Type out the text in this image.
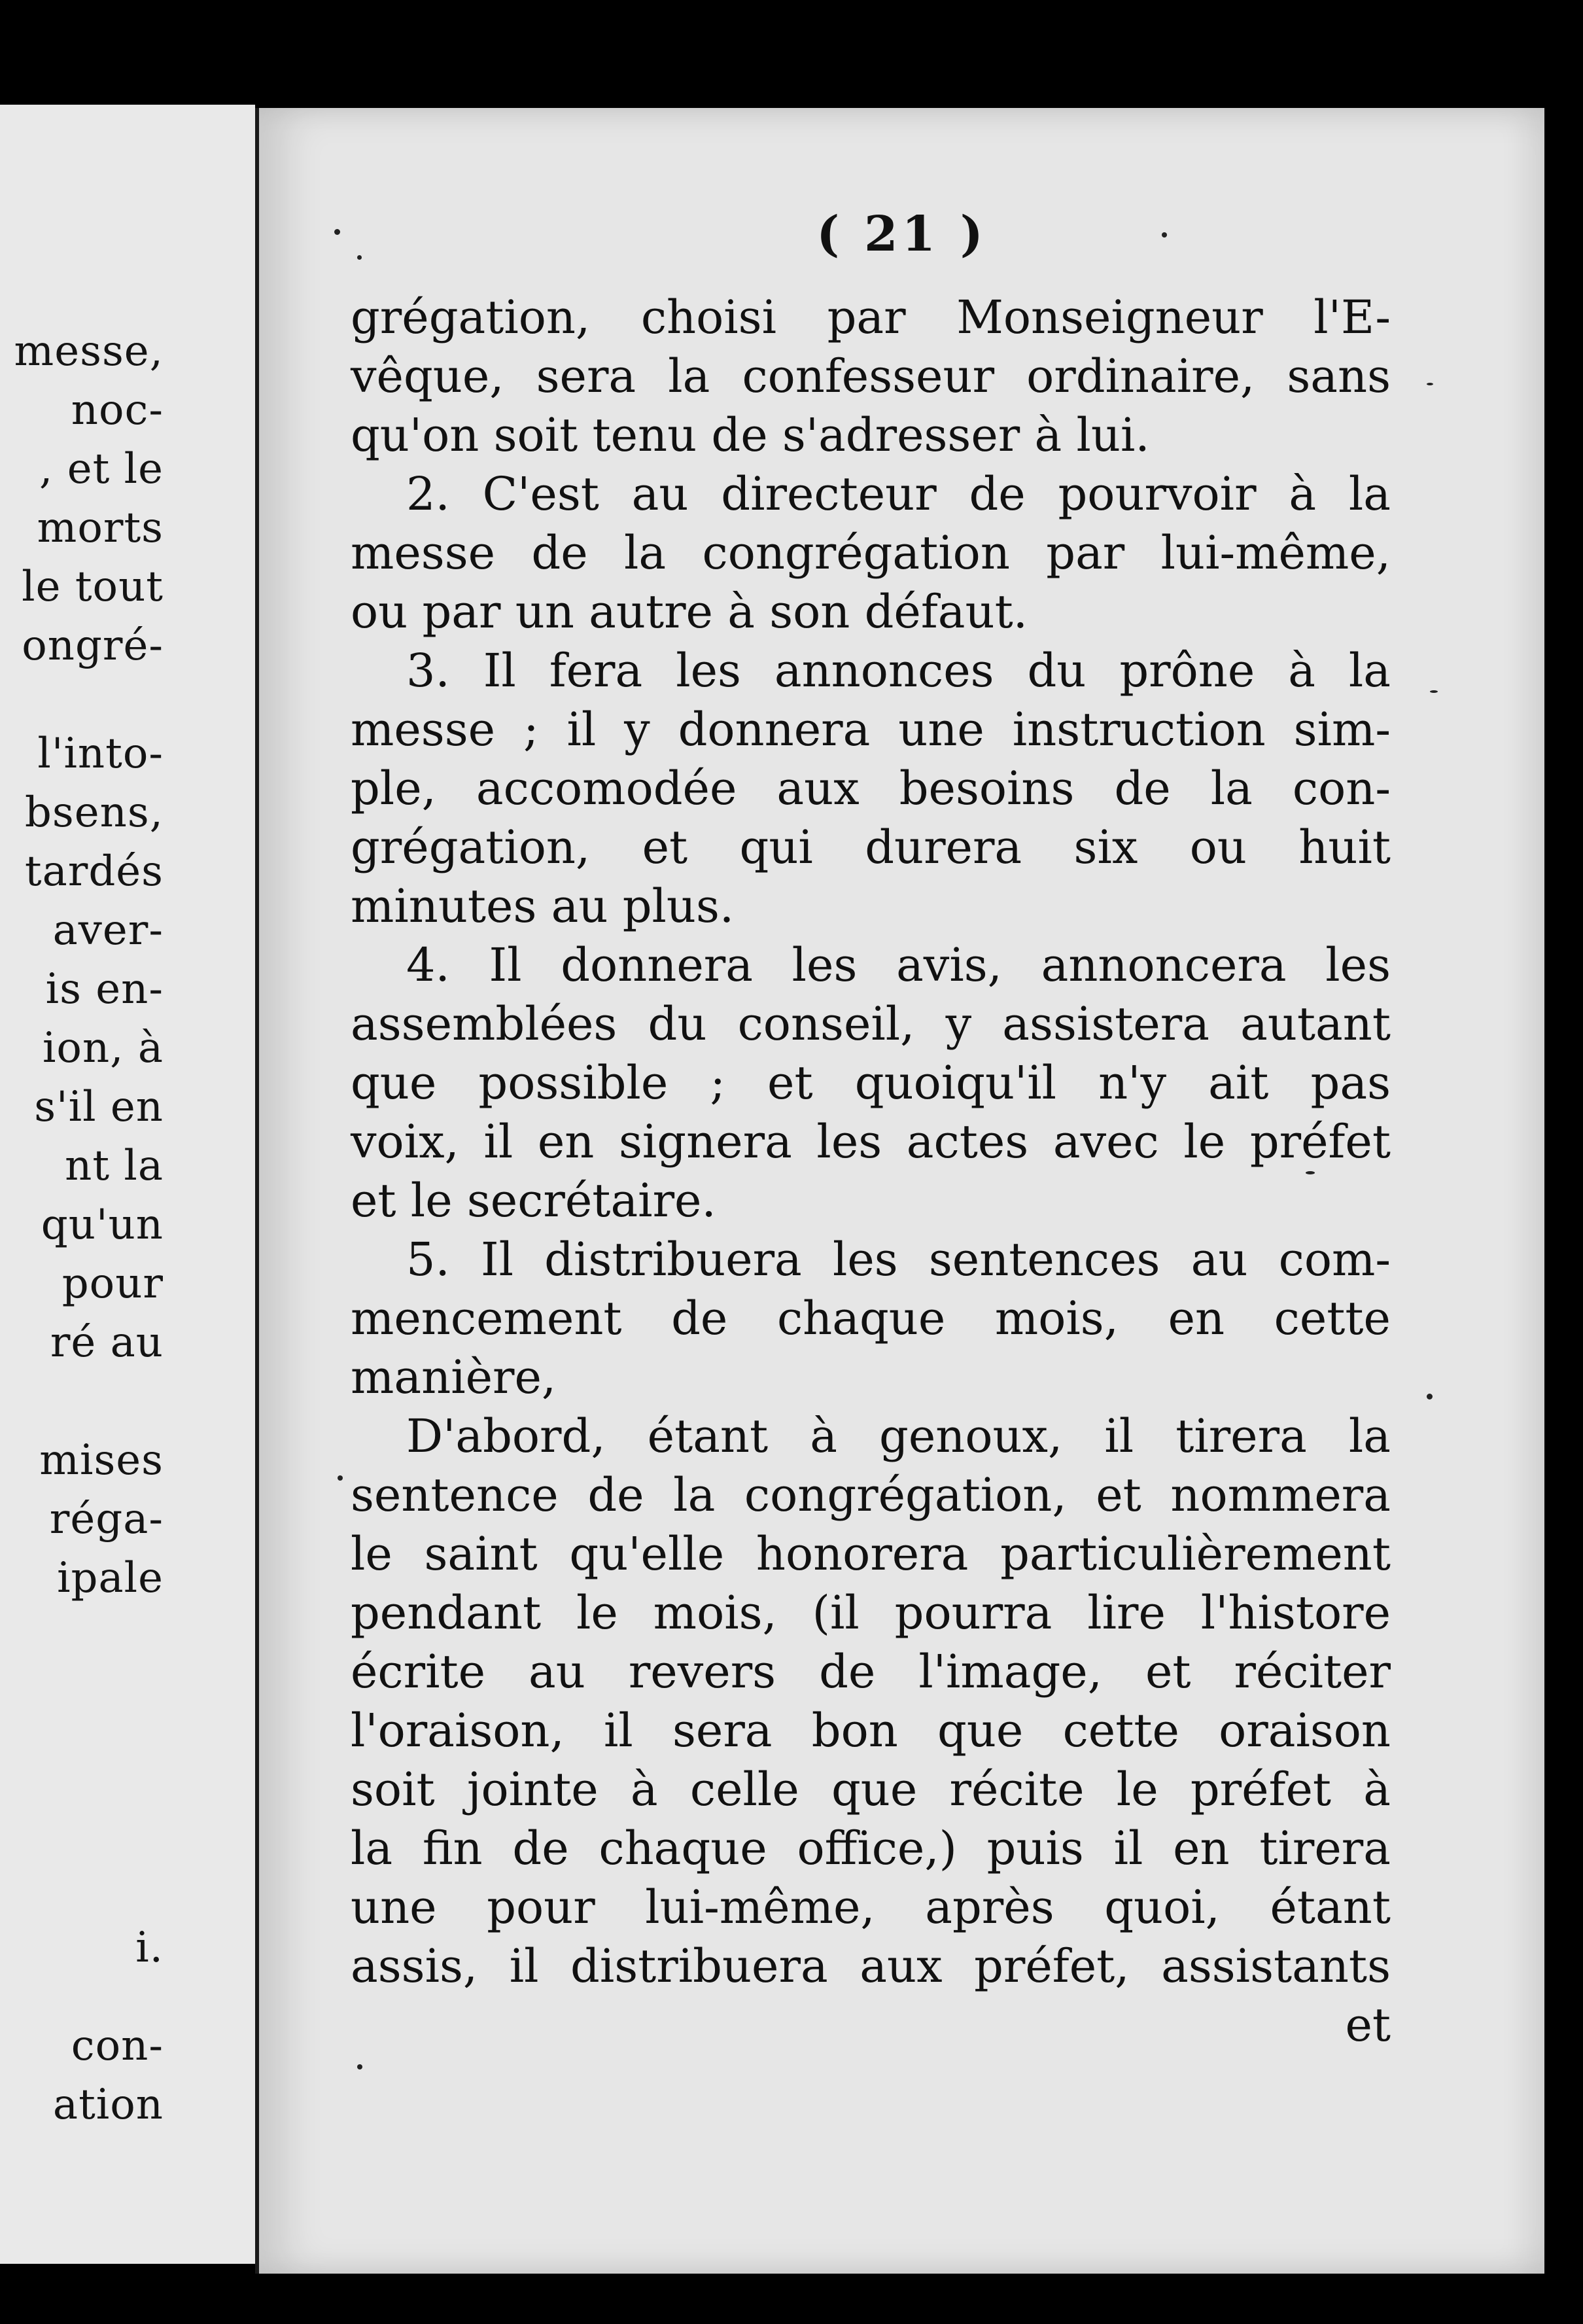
messe,
noc-
, et le
morts
le tout
ongré-
l'into-
bsens,
tardés
aver-
is en-
ion, à
s'il en
nt la
qu'un
pour
ré au
mises
réga-
ipale
i.
con-
ation
( 21 )
grégation, choisi par Monseigneur l'E-
vêque, sera la confesseur ordinaire, sans
qu'on soit tenu de s'adresser à lui.
2. C'est au directeur de pourvoir à la
messe de la congrégation par lui-même,
ou par un autre à son défaut.
3. Il fera les annonces du prône à la
messe ; il y donnera une instruction sim-
ple, accomodée aux besoins de la con-
grégation, et qui durera six ou huit
minutes au plus.
4. Il donnera les avis, annoncera les
assemblées du conseil, y assistera autant
que possible ; et quoiqu'il n'y ait pas
voix, il en signera les actes avec le préfet
et le secrétaire.
5. Il distribuera les sentences au com-
mencement de chaque mois, en cette
manière,
D'abord, étant à genoux, il tirera la
sentence de la congrégation, et nommera
le saint qu'elle honorera particulièrement
pendant le mois, (il pourra lire l'histore
écrite au revers de l'image, et réciter
l'oraison, il sera bon que cette oraison
soit jointe à celle que récite le préfet à
la fin de chaque office,) puis il en tirera
une pour lui-même, après quoi, étant
assis, il distribuera aux préfet, assistants
et
